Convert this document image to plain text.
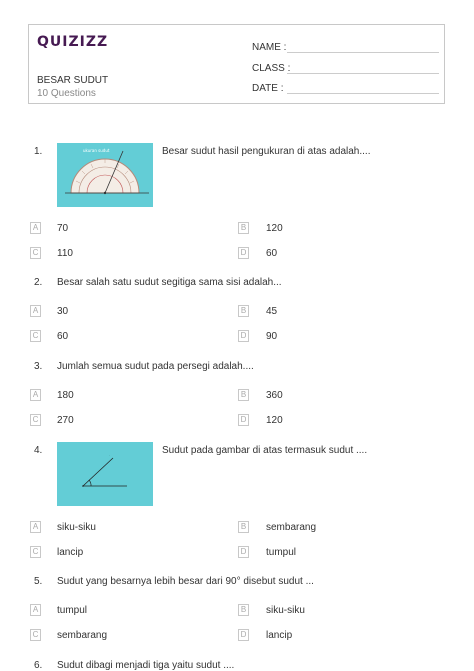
QUIZIZZ
BESAR SUDUT
10 Questions
NAME :
CLASS :
DATE :
1.	ukuran sudut	Besar sudut hasil pengukuran di atas adalah....
A 70	B 120
C 110	D 60
2. Besar salah satu sudut segitiga sama sisi adalah...
A 30	B 45
C 60	D 90
3. Jumlah semua sudut pada persegi adalah....
A 180	B 360
C 270	D 120
4.	·	Sudut pada gambar di atas termasuk sudut ....
A siku-siku	B sembarang
C lancip	D tumpul
5. Sudut yang besarnya lebih besar dari 90° disebut sudut ...
A tumpul	B siku-siku
C sembarang	D lancip
6. Sudut dibagi menjadi tiga yaitu sudut ....
